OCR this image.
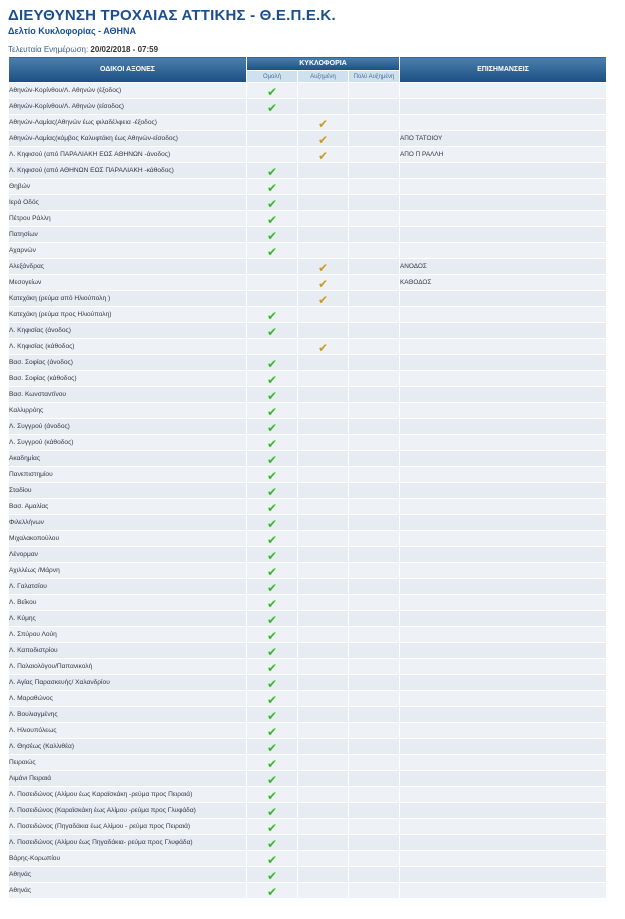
ΔΙΕΥΘΥΝΣΗ ΤΡΟΧΑΙΑΣ ΑΤΤΙΚΗΣ - Θ.Ε.Π.Ε.Κ.
Δελτίο Κυκλοφορίας - ΑΘΗΝΑ
Τελευταία Ενημέρωση: 20/02/2018 - 07:59
ΟΔΙΚΟΙ ΑΞΟΝΕΣ	ΚΥΚΛΟΦΟΡΙΑ			ΕΠΙΣΗΜΑΝΣΕΙΣ
	Ομαλή	Αυξημένη	Πολύ Αυξημένη	
Αθηνών-Κορίνθου/Λ. Αθηνών (έξοδος)	✔			
Αθηνών-Κορίνθου/Λ. Αθηνών (είσοδος)	✔			
Αθηνών-Λαμίας(Αθηνών έως φιλαδέλφεια -έξοδος)		✔		
Αθηνών-Λαμίας(κόμβος Καλυφτάκη έως Αθηνών-είσοδος)		✔		ΑΠΟ ΤΑΤΟΙΟΥ
Λ. Κηφισού (από ΠΑΡΑΛΙΑΚΗ ΕΩΣ ΑΘΗΝΩΝ -άνοδος)		✔		ΑΠΟ Π ΡΑΛΛΗ
Λ. Κηφισού (από ΑΘΗΝΩΝ ΕΩΣ ΠΑΡΑΛΙΑΚΗ -κάθοδος)	✔			
Θηβών	✔			
Ιερά Οδός	✔			
Πέτρου Ράλλη	✔			
Πατησίων	✔			
Αχαρνών	✔			
Αλεξάνδρας		✔		ΑΝΟΔΟΣ
Μεσογείων		✔		ΚΑΘΟΔΟΣ
Κατεχάκη (ρεύμα από Ηλιούπολη )		✔		
Κατεχάκη (ρεύμα προς Ηλιούπολη)	✔			
Λ. Κηφισίας (άνοδος)	✔			
Λ. Κηφισίας (κάθοδος)		✔		
Βασ. Σοφίας (άνοδος)	✔			
Βασ. Σοφίας (κάθοδος)	✔			
Βασ. Κωνσταντίνου	✔			
Καλλιρρόης	✔			
Λ. Συγγρού (άνοδος)	✔			
Λ. Συγγρού (κάθοδος)	✔			
Ακαδημίας	✔			
Πανεπιστημίου	✔			
Σταδίου	✔			
Βασ. Αμαλίας	✔			
Φιλελλήνων	✔			
Μιχαλακοπούλου	✔			
Λένορμαν	✔			
Αχιλλέως /Μάρνη	✔			
Λ. Γαλατσίου	✔			
Λ. Βεΐκου	✔			
Λ. Κύμης	✔			
Λ. Σπύρου Λούη	✔			
Λ. Καποδιστρίου	✔			
Λ. Παλαιολόγου/Παπανικολή	✔			
Λ. Αγίας Παρασκευής/ Χαλανδρίου	✔			
Λ. Μαραθώνος	✔			
Λ. Βουλιαγμένης	✔			
Λ. Ηλιουπόλεως	✔			
Λ. Θησέως (Καλλιθέα)	✔			
Πειραιώς	✔			
Λιμάνι Πειραιά	✔			
Λ. Ποσειδώνος (Αλίμου έως Καραϊσκάκη -ρεύμα προς Πειραιά)	✔			
Λ. Ποσειδώνος (Καραϊσκάκη έως Αλίμου -ρεύμα προς Γλυφάδα)	✔			
Λ. Ποσειδώνος (Πηγαδάκια έως Αλίμου - ρεύμα προς Πειραιά)	✔			
Λ. Ποσειδώνος (Αλίμου έως Πηγαδάκια- ρεύμα προς Γλυφάδα)	✔			
Βάρης-Κορωπίου	✔			
Αθηνάς	✔			
Αθηνάς	✔			
